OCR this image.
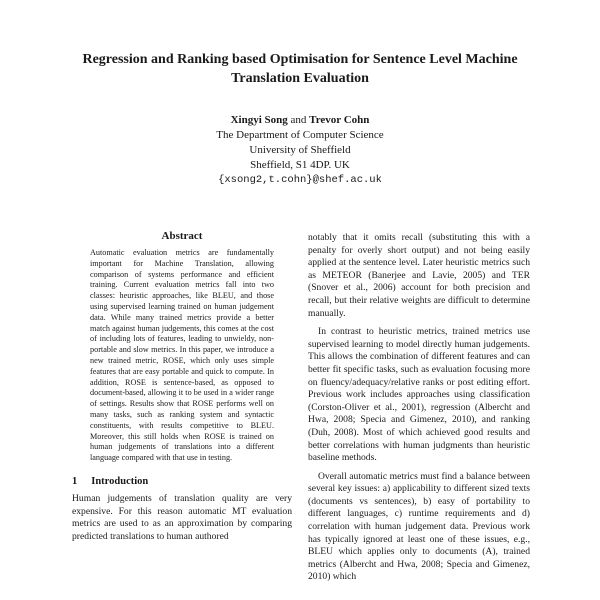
Regression and Ranking based Optimisation for Sentence Level Machine Translation Evaluation
Xingyi Song and Trevor Cohn
The Department of Computer Science
University of Sheffield
Sheffield, S1 4DP. UK
{xsong2,t.cohn}@shef.ac.uk
Abstract

Automatic evaluation metrics are fundamentally important for Machine Translation, allowing comparison of systems performance and efficient training. Current evaluation metrics fall into two classes: heuristic approaches, like BLEU, and those using supervised learning trained on human judgement data. While many trained metrics provide a better match against human judgements, this comes at the cost of including lots of features, leading to unwieldy, non-portable and slow metrics. In this paper, we introduce a new trained metric, ROSE, which only uses simple features that are easy portable and quick to compute. In addition, ROSE is sentence-based, as opposed to document-based, allowing it to be used in a wider range of settings. Results show that ROSE performs well on many tasks, such as ranking system and syntactic constituents, with results competitive to BLEU. Moreover, this still holds when ROSE is trained on human judgements of translations into a different language compared with that use in testing.

1 Introduction

Human judgements of translation quality are very expensive. For this reason automatic MT evaluation metrics are used to as an approximation by comparing predicted translations to human authored

notably that it omits recall (substituting this with a penalty for overly short output) and not being easily applied at the sentence level. Later heuristic metrics such as METEOR (Banerjee and Lavie, 2005) and TER (Snover et al., 2006) account for both precision and recall, but their relative weights are difficult to determine manually.

In contrast to heuristic metrics, trained metrics use supervised learning to model directly human judgements. This allows the combination of different features and can better fit specific tasks, such as evaluation focusing more on fluency/adequacy/relative ranks or post editing effort. Previous work includes approaches using classification (Corston-Oliver et al., 2001), regression (Albercht and Hwa, 2008; Specia and Gimenez, 2010), and ranking (Duh, 2008). Most of which achieved good results and better correlations with human judgments than heuristic baseline methods.

Overall automatic metrics must find a balance between several key issues: a) applicability to different sized texts (documents vs sentences), b) easy of portability to different languages, c) runtime requirements and d) correlation with human judgement data. Previous work has typically ignored at least one of these issues, e.g., BLEU which applies only to documents (A), trained metrics (Albercht and Hwa, 2008; Specia and Gimenez, 2010) which
